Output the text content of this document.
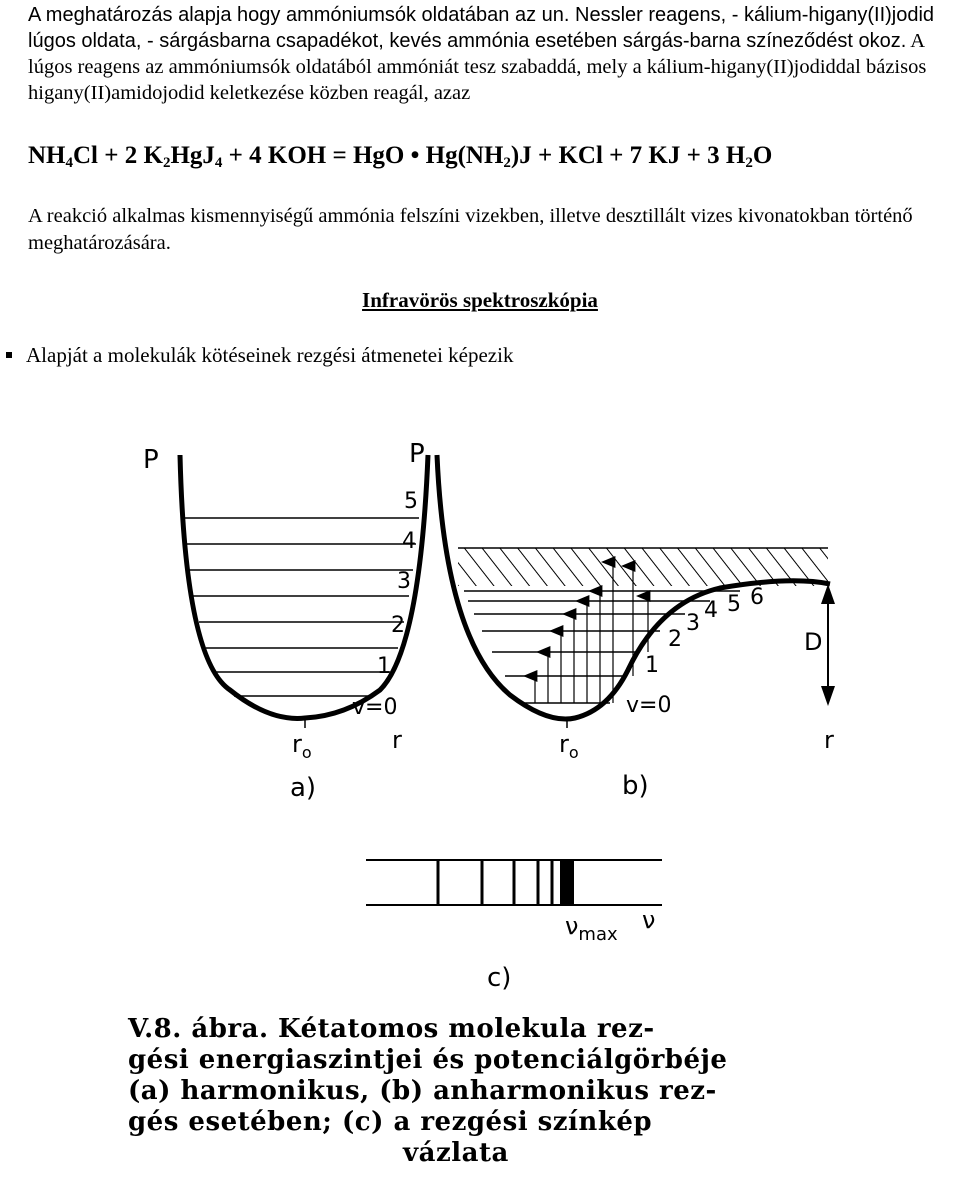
A meghatározás alapja hogy ammóniumsók oldatában az un. Nessler reagens, - kálium-higany(II)jodid lúgos oldata, - sárgásbarna csapadékot, kevés ammónia esetében sárgás-barna színeződést okoz. A lúgos reagens az ammóniumsók oldatából ammóniát tesz szabaddá, mely a kálium-higany(II)jodiddal bázisos higany(II)amidojodid keletkezése közben reagál, azaz

$NH_4Cl + 2$ $K_2HgJ_4 + 4$ KOH = HgO • $Hg(NH_2)J$ + KCl + 7 KJ + 3 $H_2O$

A reakció alkalmas kismennyiségű ammónia felszíni vizekben, illetve desztillált vizes kivonatokban történő meghatározására.

Infravörös spektroszkópia
Alapját a molekulák kötéseinek rezgési átmenetei képezik
P
1
2
3
4
5
v=0
$r_o$	r
a)
P
1
2
3
4 5 6
v=0
D
$r_o$	r
b)
$\nu_{max}$
ν
c)
V.8. ábra. Kétatomos molekula rez-
gési energiaszintjei és potenciálgörbéje
(a) harmonikus, (b) anharmonikus rez-
gés esetében; (c) a rezgési színkép
vázlata
